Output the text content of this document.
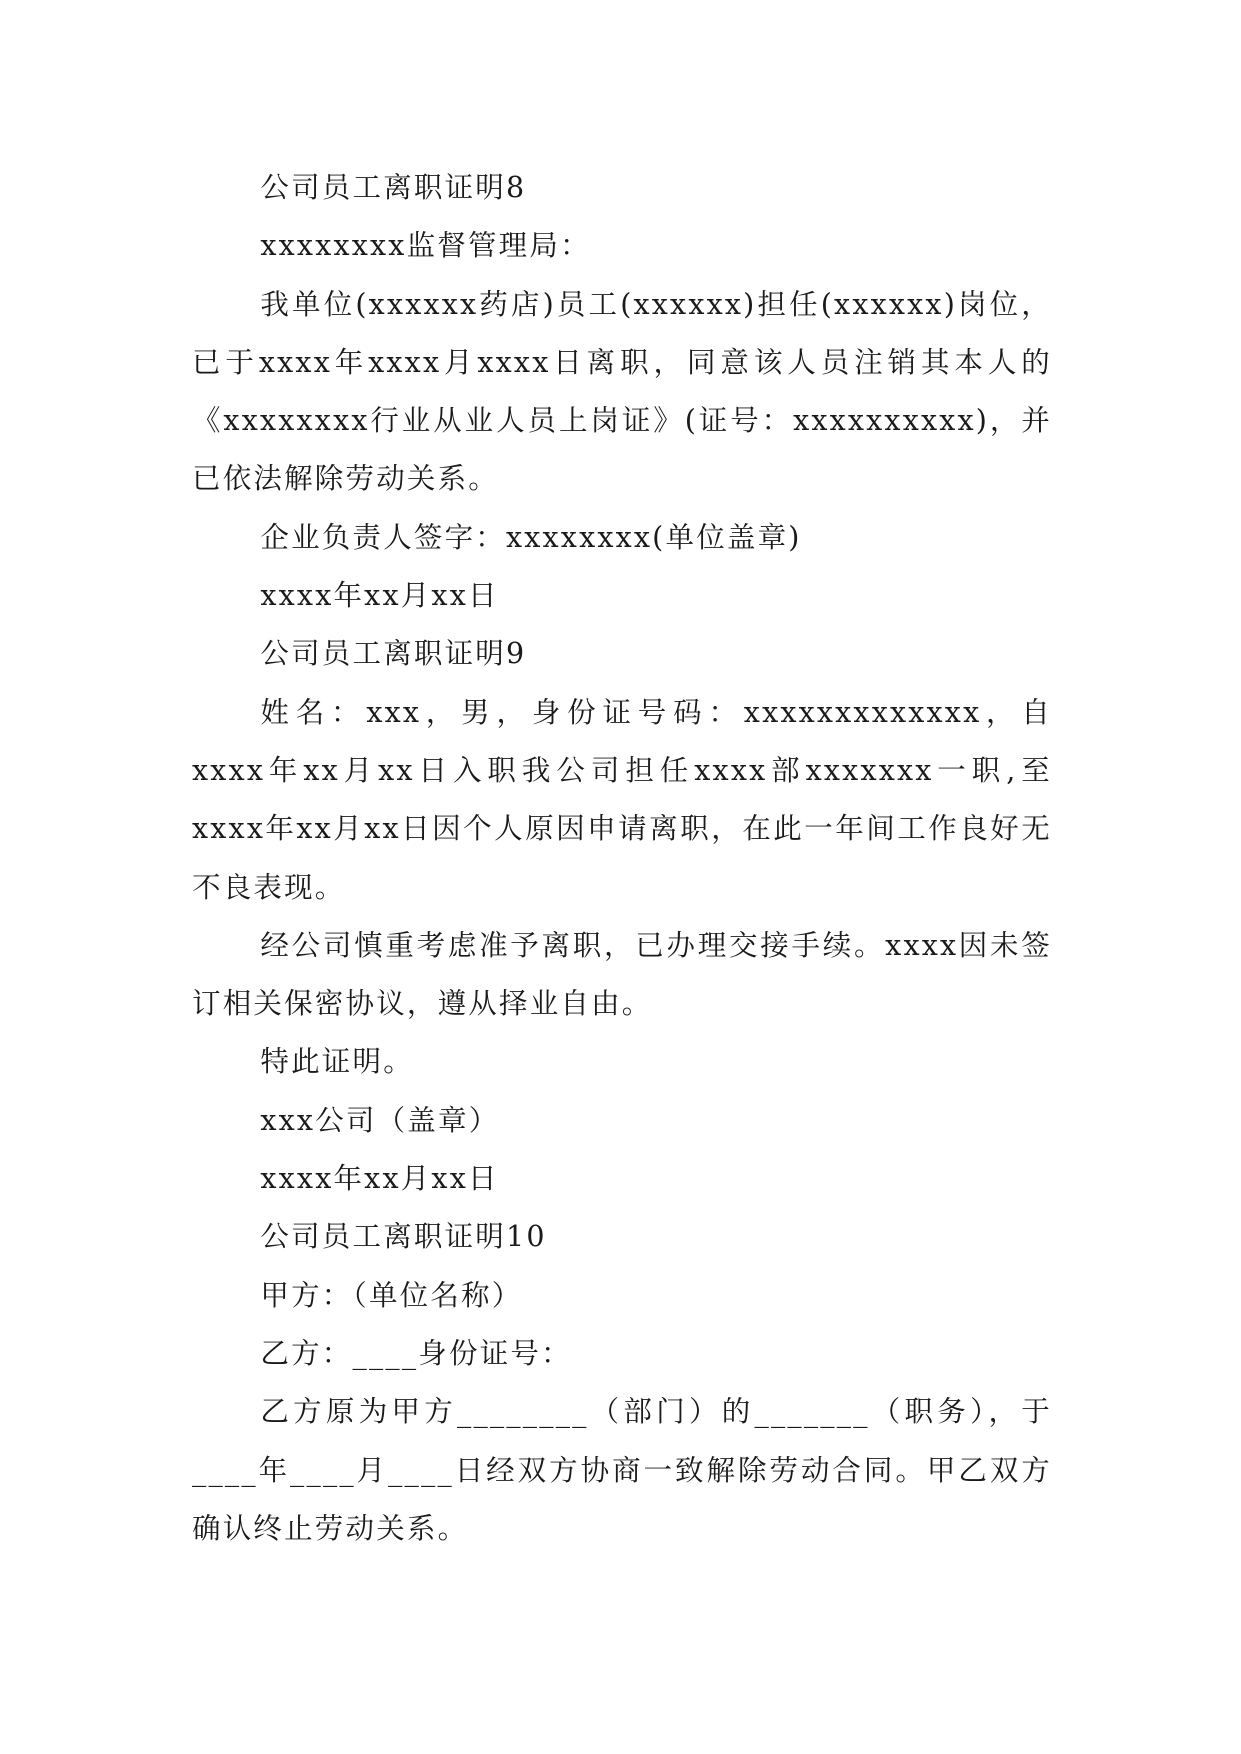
公司员工离职证明8

xxxxxxxx监督管理局：

我单位(xxxxxx药店)员工(xxxxxx)担任(xxxxxx)岗位，已于xxxx年xxxx月xxxx日离职，同意该人员注销其本人的《xxxxxxxx行业从业人员上岗证》(证号：xxxxxxxxxx)，并已依法解除劳动关系。

企业负责人签字：xxxxxxxx(单位盖章)

xxxx年xx月xx日

公司员工离职证明9

姓名：xxx，男，身份证号码：xxxxxxxxxxxxx，自xxxx年xx月xx日入职我公司担任xxxx部xxxxxxx一职,至xxxx年xx月xx日因个人原因申请离职，在此一年间工作良好无不良表现。

经公司慎重考虑准予离职，已办理交接手续。xxxx因未签订相关保密协议，遵从择业自由。

特此证明。

xxx公司（盖章）

xxxx年xx月xx日

公司员工离职证明10

甲方：（单位名称）

乙方：____身份证号：

乙方原为甲方________（部门）的_______（职务），于____年____月____日经双方协商一致解除劳动合同。甲乙双方确认终止劳动关系。
